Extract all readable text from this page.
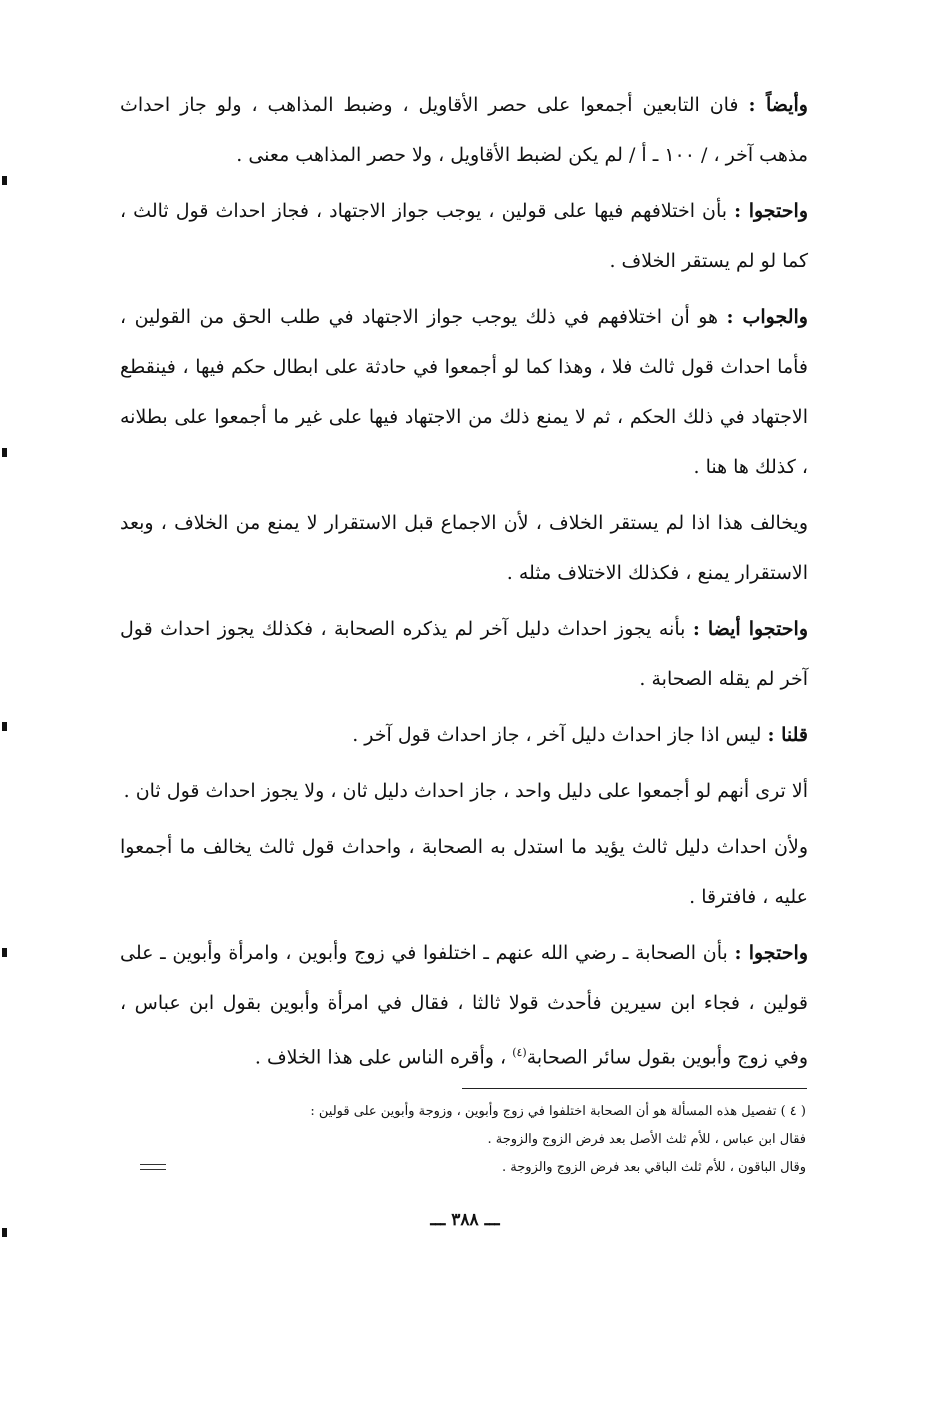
وأيضاً : فان التابعين أجمعوا على حصر الأقاويل ، وضبط المذاهب ، ولو جاز احداث مذهب آخر ، / ١٠٠ ـ أ / لم يكن لضبط الأقاويل ، ولا حصر المذاهب معنى .

واحتجوا : بأن اختلافهم فيها على قولين ، يوجب جواز الاجتهاد ، فجاز احداث قول ثالث ، كما لو لم يستقر الخلاف .

والجواب : هو أن اختلافهم في ذلك يوجب جواز الاجتهاد في طلب الحق من القولين ، فأما احداث قول ثالث فلا ، وهذا كما لو أجمعوا في حادثة على ابطال حكم فيها ، فينقطع الاجتهاد في ذلك الحكم ، ثم لا يمنع ذلك من الاجتهاد فيها على غير ما أجمعوا على بطلانه ، كذلك ها هنا .

ويخالف هذا اذا لم يستقر الخلاف ، لأن الاجماع قبل الاستقرار لا يمنع من الخلاف ، وبعد الاستقرار يمنع ، فكذلك الاختلاف مثله .

واحتجوا أيضا : بأنه يجوز احداث دليل آخر لم يذكره الصحابة ، فكذلك يجوز احداث قول آخر لم يقله الصحابة .

قلنا : ليس اذا جاز احداث دليل آخر ، جاز احداث قول آخر .

ألا ترى أنهم لو أجمعوا على دليل واحد ، جاز احداث دليل ثان ، ولا يجوز احداث قول ثان .

ولأن احداث دليل ثالث يؤيد ما استدل به الصحابة ، واحداث قول ثالث يخالف ما أجمعوا عليه ، فافترقا .

واحتجوا : بأن الصحابة ـ رضي الله عنهم ـ اختلفوا في زوج وأبوين ، وامرأة وأبوين ـ على قولين ، فجاء ابن سيرين فأحدث قولا ثالثا ، فقال في امرأة وأبوين بقول ابن عباس ، وفي زوج وأبوين بقول سائر الصحابة$^{(٤)}$ ، وأقره الناس على هذا الخلاف .

( ٤ ) تفصيل هذه المسألة هو أن الصحابة اختلفوا في زوج وأبوين ، وزوجة وأبوين على قولين :

فقال ابن عباس ، للأم ثلث الأصل بعد فرض الزوج والزوجة .

وقال الباقون ، للأم ثلث الباقي بعد فرض الزوج والزوجة .

ـــ ٣٨٨ ـــ
